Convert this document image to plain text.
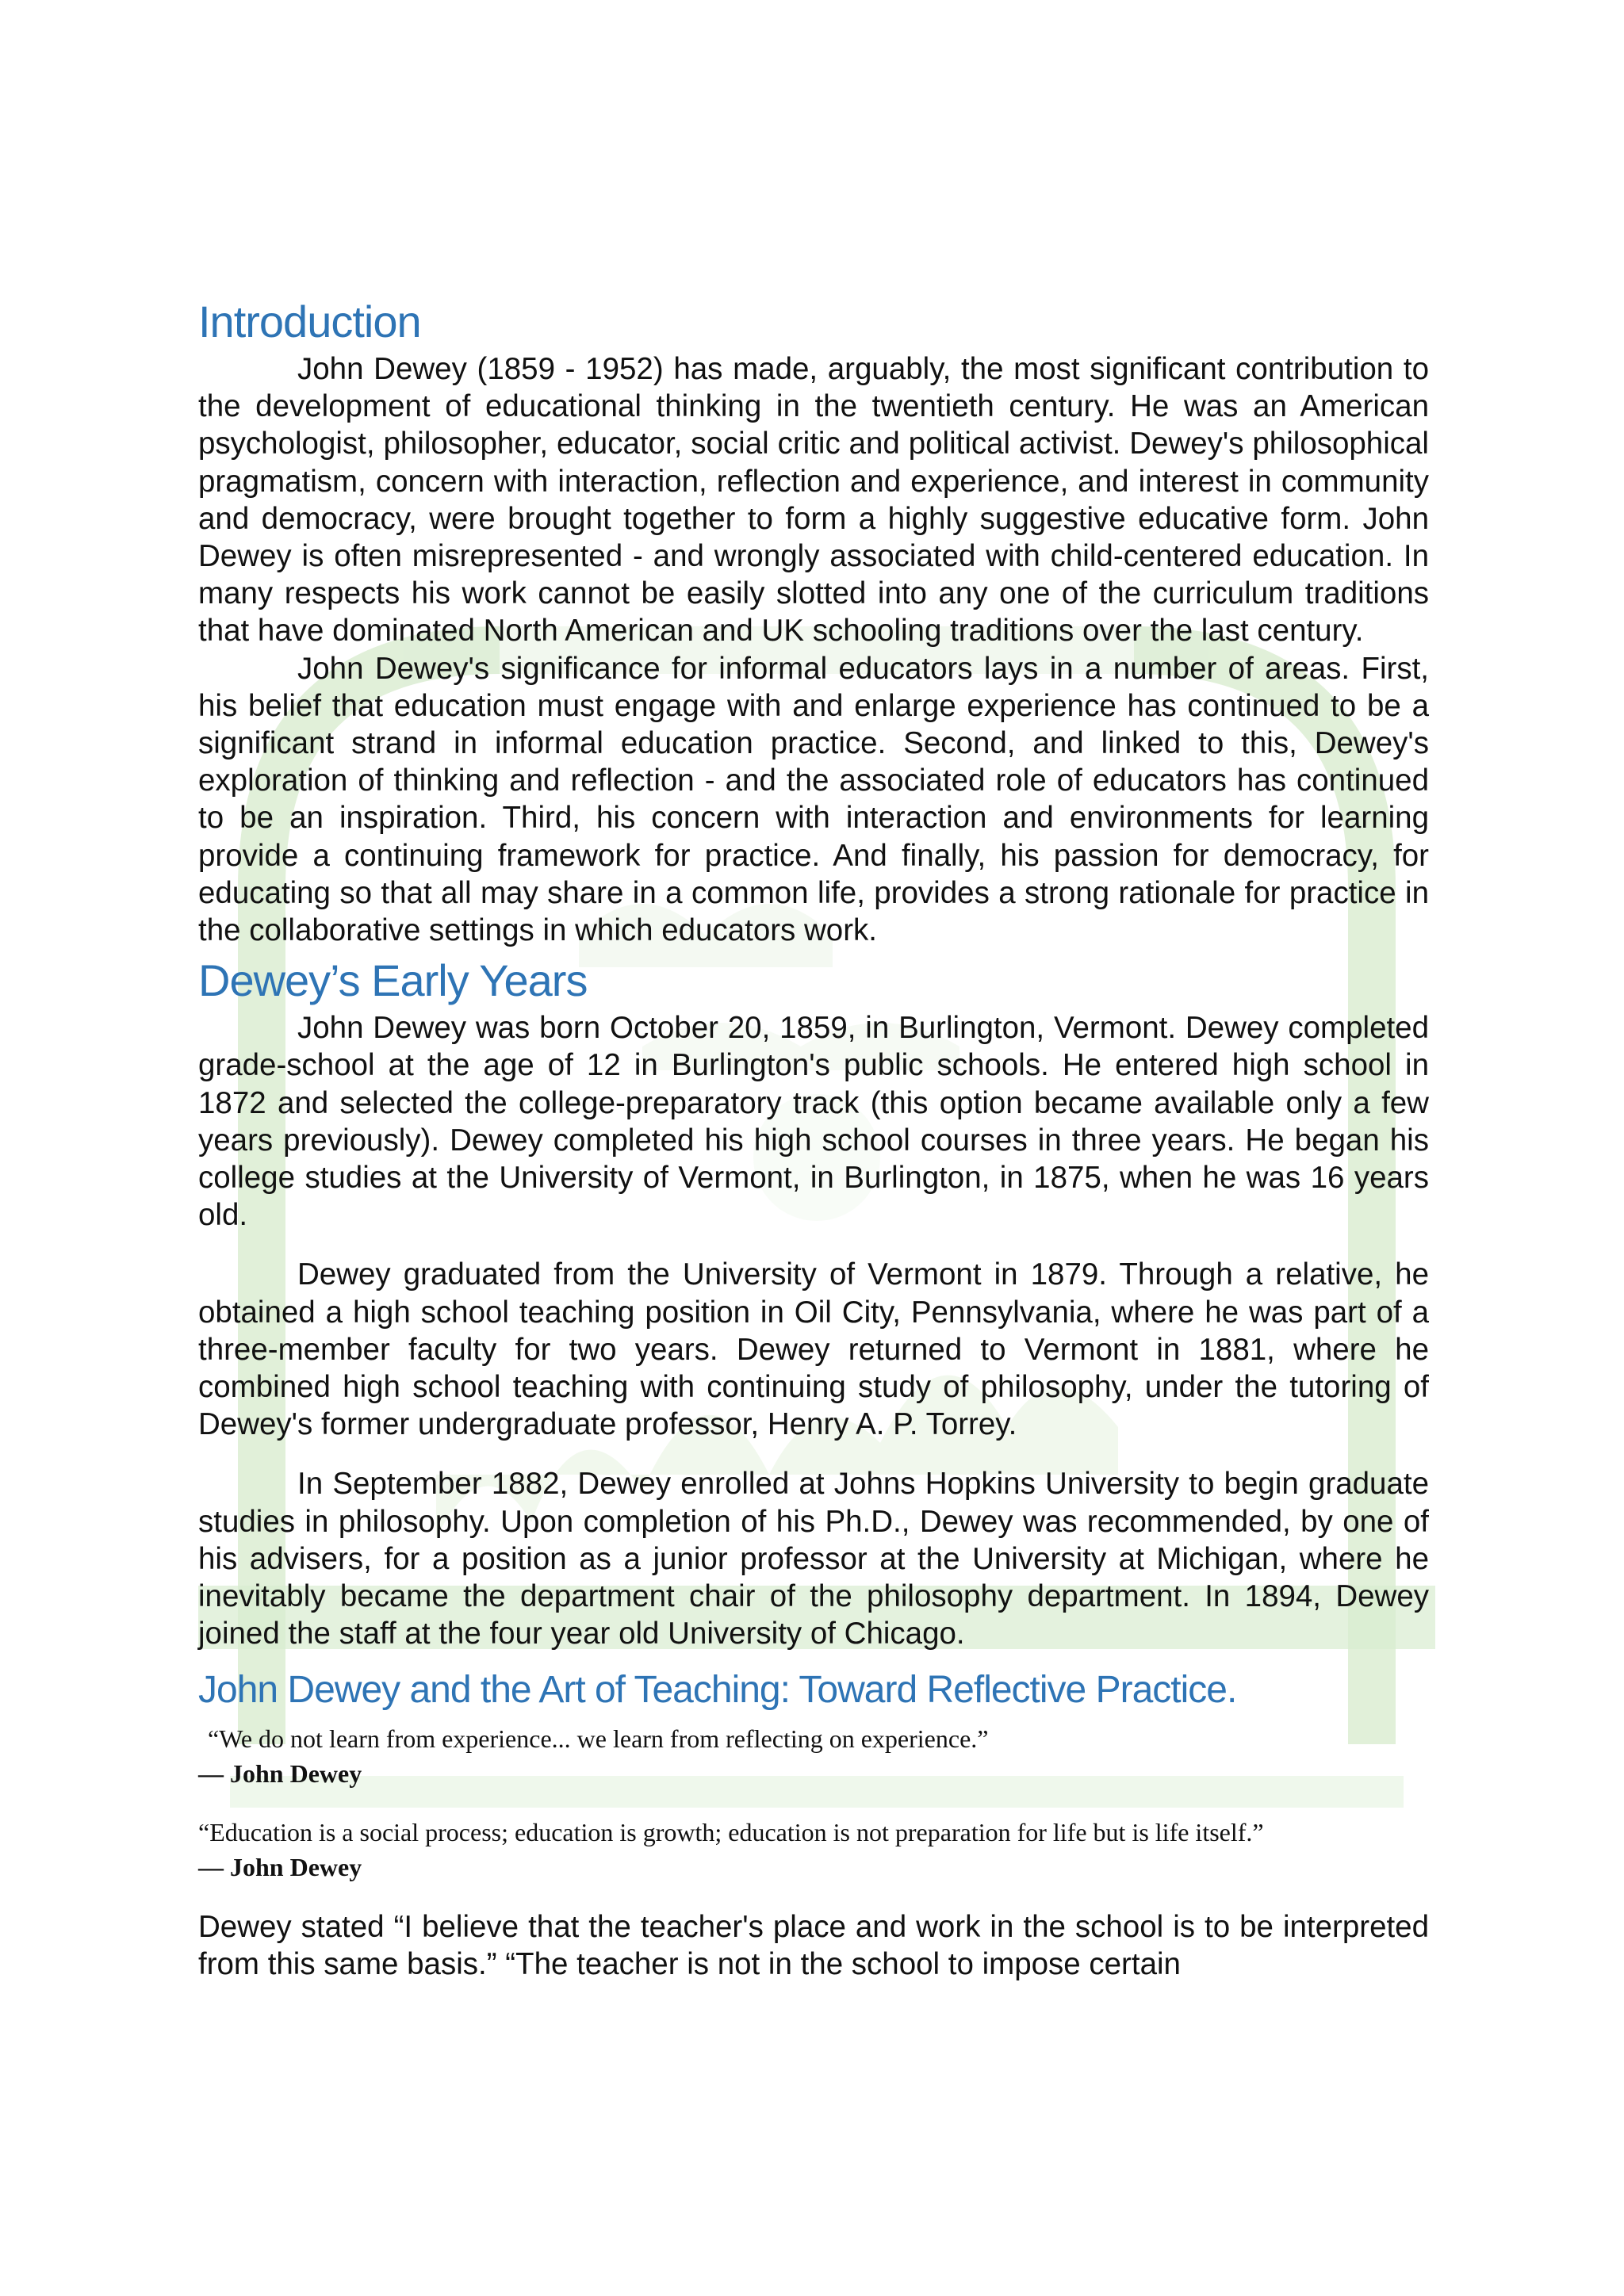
Introduction

John Dewey (1859 - 1952) has made, arguably, the most significant contribution to the development of educational thinking in the twentieth century. He was an American psychologist, philosopher, educator, social critic and political activist. Dewey's philosophical pragmatism, concern with interaction, reflection and experience, and interest in community and democracy, were brought together to form a highly suggestive educative form. John Dewey is often misrepresented - and wrongly associated with child-centered education. In many respects his work cannot be easily slotted into any one of the curriculum traditions that have dominated North American and UK schooling traditions over the last century.

John Dewey's significance for informal educators lays in a number of areas. First, his belief that education must engage with and enlarge experience has continued to be a significant strand in informal education practice. Second, and linked to this, Dewey's exploration of thinking and reflection - and the associated role of educators has continued to be an inspiration. Third, his concern with interaction and environments for learning provide a continuing framework for practice. And finally, his passion for democracy, for educating so that all may share in a common life, provides a strong rationale for practice in the collaborative settings in which educators work.

Dewey’s Early Years

John Dewey was born October 20, 1859, in Burlington, Vermont. Dewey completed grade-school at the age of 12 in Burlington's public schools. He entered high school in 1872 and selected the college-preparatory track (this option became available only a few years previously). Dewey completed his high school courses in three years. He began his college studies at the University of Vermont, in Burlington, in 1875, when he was 16 years old.

Dewey graduated from the University of Vermont in 1879. Through a relative, he obtained a high school teaching position in Oil City, Pennsylvania, where he was part of a three-member faculty for two years. Dewey returned to Vermont in 1881, where he combined high school teaching with continuing study of philosophy, under the tutoring of Dewey's former undergraduate professor, Henry A. P. Torrey.

In September 1882, Dewey enrolled at Johns Hopkins University to begin graduate studies in philosophy. Upon completion of his Ph.D., Dewey was recommended, by one of his advisers, for a position as a junior professor at the University at Michigan, where he inevitably became the department chair of the philosophy department. In 1894, Dewey joined the staff at the four year old University of Chicago.

John Dewey and the Art of Teaching: Toward Reflective Practice.

“We do not learn from experience... we learn from reflecting on experience.”

— John Dewey

“Education is a social process; education is growth; education is not preparation for life but is life itself.”

— John Dewey

Dewey stated “I believe that the teacher's place and work in the school is to be interpreted from this same basis.” “The teacher is not in the school to impose certain
